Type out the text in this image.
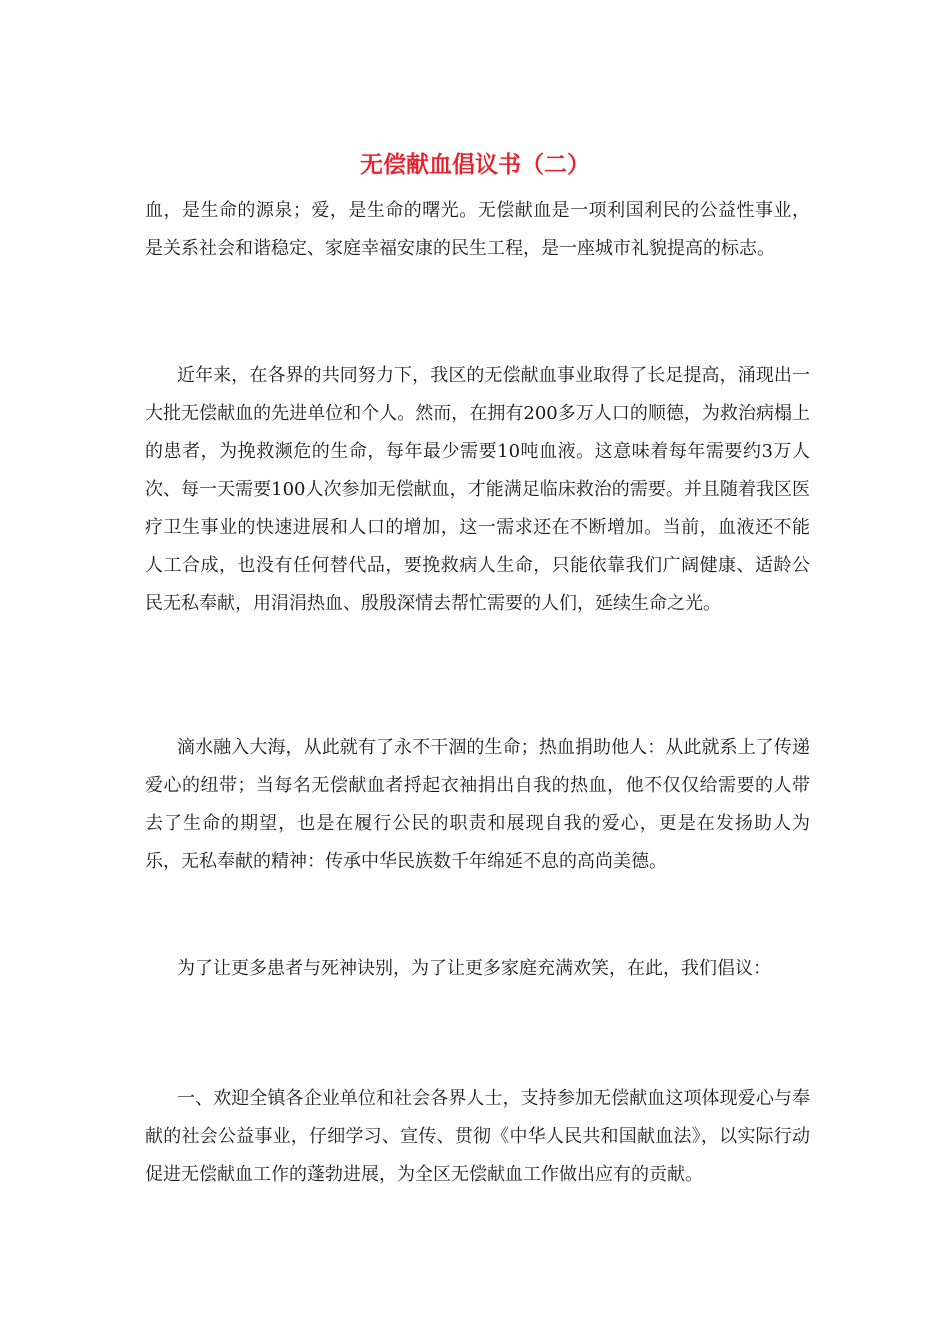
无偿献血倡议书（二）

血，是生命的源泉；爱，是生命的曙光。无偿献血是一项利国利民的公益性事业，是关系社会和谐稳定、家庭幸福安康的民生工程，是一座城市礼貌提高的标志。

近年来，在各界的共同努力下，我区的无偿献血事业取得了长足提高，涌现出一大批无偿献血的先进单位和个人。然而，在拥有200多万人口的顺德，为救治病榻上的患者，为挽救濒危的生命，每年最少需要10吨血液。这意味着每年需要约3万人次、每一天需要100人次参加无偿献血，才能满足临床救治的需要。并且随着我区医疗卫生事业的快速进展和人口的增加，这一需求还在不断增加。当前，血液还不能人工合成，也没有任何替代品，要挽救病人生命，只能依靠我们广阔健康、适龄公民无私奉献，用涓涓热血、殷殷深情去帮忙需要的人们，延续生命之光。

滴水融入大海，从此就有了永不干涸的生命；热血捐助他人：从此就系上了传递爱心的纽带；当每名无偿献血者捋起衣袖捐出自我的热血，他不仅仅给需要的人带去了生命的期望，也是在履行公民的职责和展现自我的爱心，更是在发扬助人为乐，无私奉献的精神：传承中华民族数千年绵延不息的高尚美德。

为了让更多患者与死神诀别，为了让更多家庭充满欢笑，在此，我们倡议：

一、欢迎全镇各企业单位和社会各界人士，支持参加无偿献血这项体现爱心与奉献的社会公益事业，仔细学习、宣传、贯彻《中华人民共和国献血法》，以实际行动促进无偿献血工作的蓬勃进展，为全区无偿献血工作做出应有的贡献。
